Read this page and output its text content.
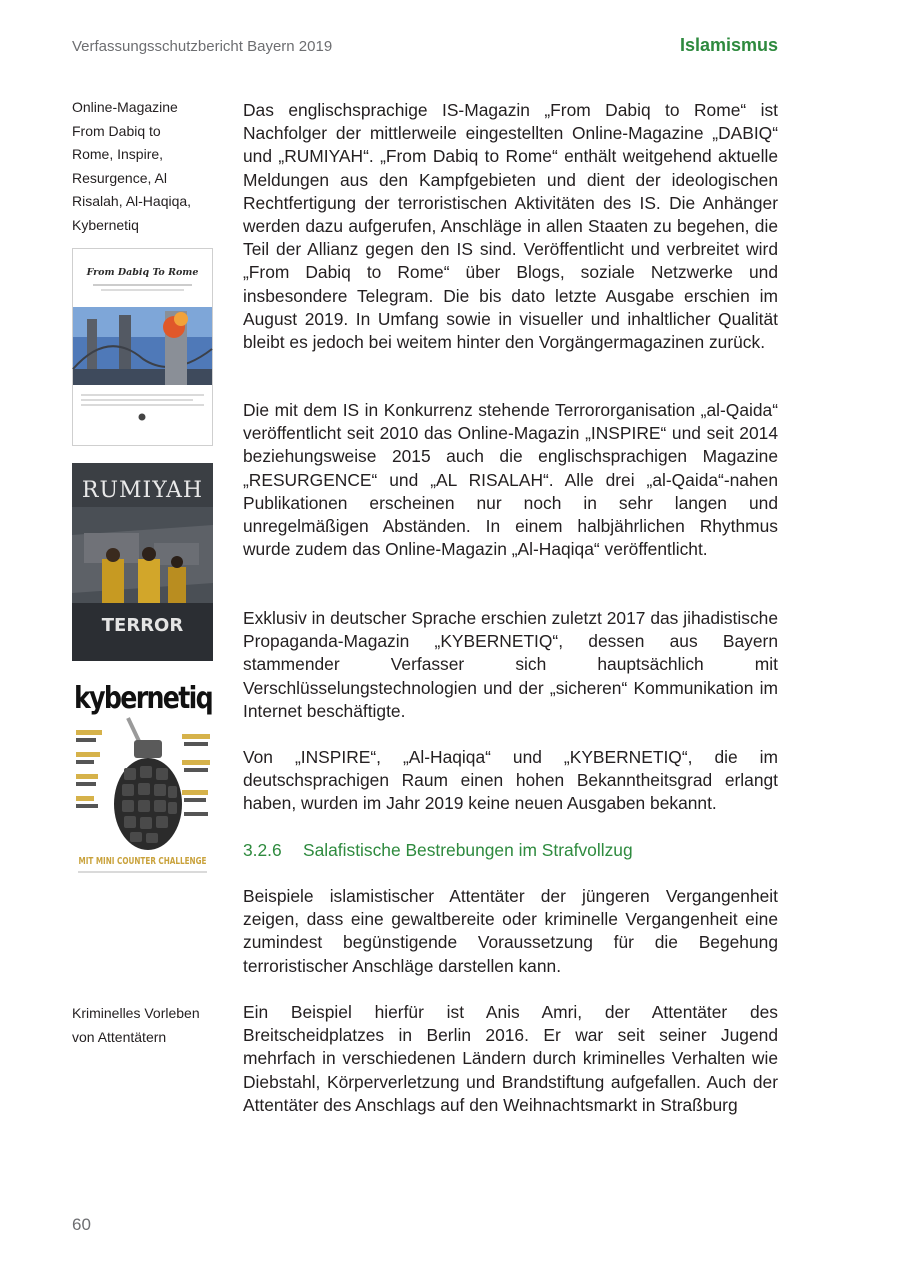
Verfassungsschutzbericht Bayern 2019	Islamismus
Online-Magazine
From Dabiq to
Rome, Inspire,
Resurgence, Al
Risalah, Al-Haqiqa,
Kybernetiq
From Dabiq To Rome
RUMIYAH
TERROR
kybernetiq
MIT MINI COUNTER CHALLENGE
Kriminelles Vorleben
von Attentätern

Das englischsprachige IS-Magazin „From Dabiq to Rome“ ist Nachfolger der mittlerweile eingestellten Online-Magazine „DABIQ“ und „RUMIYAH“. „From Dabiq to Rome“ enthält weitgehend aktuelle Meldungen aus den Kampfgebieten und dient der ideologischen Rechtfertigung der terroristischen Aktivitäten des IS. Die Anhänger werden dazu aufgerufen, Anschläge in allen Staaten zu begehen, die Teil der Allianz gegen den IS sind. Veröffentlicht und verbreitet wird „From Dabiq to Rome“ über Blogs, soziale Netzwerke und insbesondere Telegram. Die bis dato letzte Ausgabe erschien im August 2019. In Umfang sowie in visueller und inhaltlicher Qualität bleibt es jedoch bei weitem hinter den Vorgängermagazinen zurück.

Die mit dem IS in Konkurrenz stehende Terrororganisation „al-Qaida“ veröffentlicht seit 2010 das Online-Magazin „INSPIRE“ und seit 2014 beziehungsweise 2015 auch die englischsprachigen Magazine „RESURGENCE“ und „AL RISALAH“. Alle drei „al-Qaida“-nahen Publikationen erscheinen nur noch in sehr langen und unregelmäßigen Abständen. In einem halbjährlichen Rhythmus wurde zudem das Online-Magazin „Al-Haqiqa“ veröffentlicht.

Exklusiv in deutscher Sprache erschien zuletzt 2017 das jihadistische Propaganda-Magazin „KYBERNETIQ“, dessen aus Bayern stammender Verfasser sich hauptsächlich mit Verschlüsselungstechnologien und der „sicheren“ Kommunikation im Internet beschäftigte.

Von „INSPIRE“, „Al-Haqiqa“ und „KYBERNETIQ“, die im deutschsprachigen Raum einen hohen Bekanntheitsgrad erlangt haben, wurden im Jahr 2019 keine neuen Ausgaben bekannt.

3.2.6 Salafistische Bestrebungen im Strafvollzug

Beispiele islamistischer Attentäter der jüngeren Vergangenheit zeigen, dass eine gewaltbereite oder kriminelle Vergangenheit eine zumindest begünstigende Voraussetzung für die Begehung terroristischer Anschläge darstellen kann.

Ein Beispiel hierfür ist Anis Amri, der Attentäter des Breitscheidplatzes in Berlin 2016. Er war seit seiner Jugend mehrfach in verschiedenen Ländern durch kriminelles Verhalten wie Diebstahl, Körperverletzung und Brandstiftung aufgefallen. Auch der Attentäter des Anschlags auf den Weihnachtsmarkt in Straßburg

60
